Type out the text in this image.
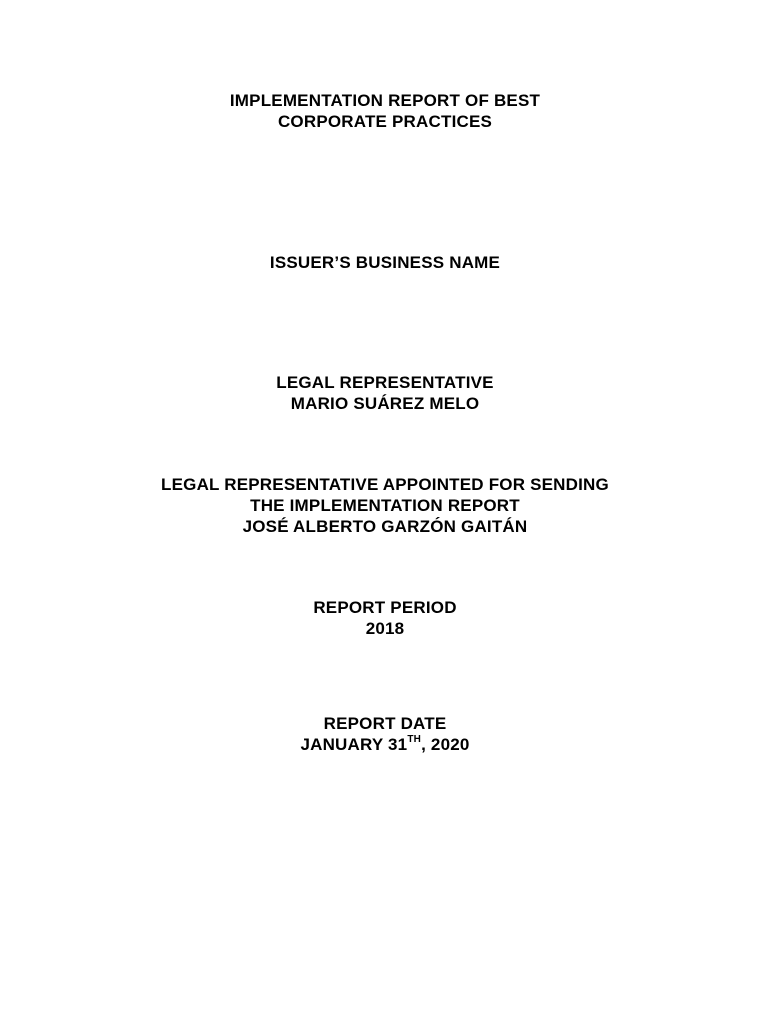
IMPLEMENTATION REPORT OF BEST
CORPORATE PRACTICES
ISSUER’S BUSINESS NAME
LEGAL REPRESENTATIVE
MARIO SUÁREZ MELO
LEGAL REPRESENTATIVE APPOINTED FOR SENDING
THE IMPLEMENTATION REPORT
JOSÉ ALBERTO GARZÓN GAITÁN
REPORT PERIOD
2018
REPORT DATE
JANUARY 31TH, 2020
